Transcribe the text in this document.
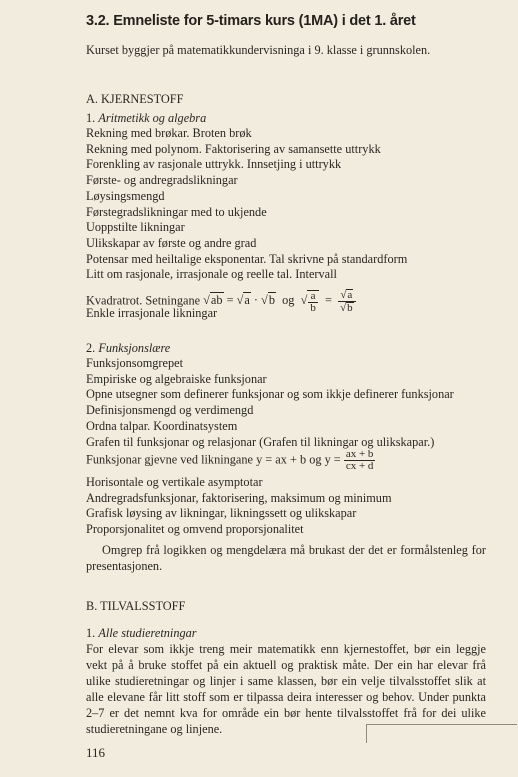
3.2. Emneliste for 5-timars kurs (1MA) i det 1. året
Kurset byggjer på matematikkundervisninga i 9. klasse i grunnskolen.
A. KJERNESTOFF
1. Aritmetikk og algebra
Rekning med brøkar. Broten brøk
Rekning med polynom. Faktorisering av samansette uttrykk
Forenkling av rasjonale uttrykk. Innsetjing i uttrykk
Første- og andregradslikningar
Løysingsmengd
Førstegradslikningar med to ukjende
Uoppstilte likningar
Ulikskapar av første og andre grad
Potensar med heiltalige eksponentar. Tal skrivne på standardform
Litt om rasjonale, irrasjonale og reelle tal. Intervall
Kvadratrot. Setningane √ab = √a · √b og  √ $\frac{a}{b} = \frac{√a}{√b}$
Enkle irrasjonale likningar
2. Funksjonslære
Funksjonsomgrepet
Empiriske og algebraiske funksjonar
Opne utsegner som definerer funksjonar og som ikkje definerer funksjonar
Definisjonsmengd og verdimengd
Ordna talpar. Koordinatsystem
Grafen til funksjonar og relasjonar (Grafen til likningar og ulikskapar.)
Funksjonar gjevne ved likningane y = ax + b og $y = \frac{ax + b}{cx + d}$
Horisontale og vertikale asymptotar
Andregradsfunksjonar, faktorisering, maksimum og minimum
Grafisk løysing av likningar, likningssett og ulikskapar
Proporsjonalitet og omvend proporsjonalitet
Omgrep frå logikken og mengdelæra må brukast der det er formålstenleg for presentasjonen.
B. TILVALSSTOFF
1. Alle studieretningar
For elevar som ikkje treng meir matematikk enn kjernestoffet, bør ein leggje vekt på å bruke stoffet på ein aktuell og praktisk måte. Der ein har elevar frå ulike studieretningar og linjer i same klassen, bør ein velje tilvalsstoffet slik at alle elevane får litt stoff som er tilpassa deira interesser og behov. Under punkta 2–7 er det nemnt kva for område ein bør hente tilvalsstoffet frå for dei ulike studieretningane og linjene.
116
